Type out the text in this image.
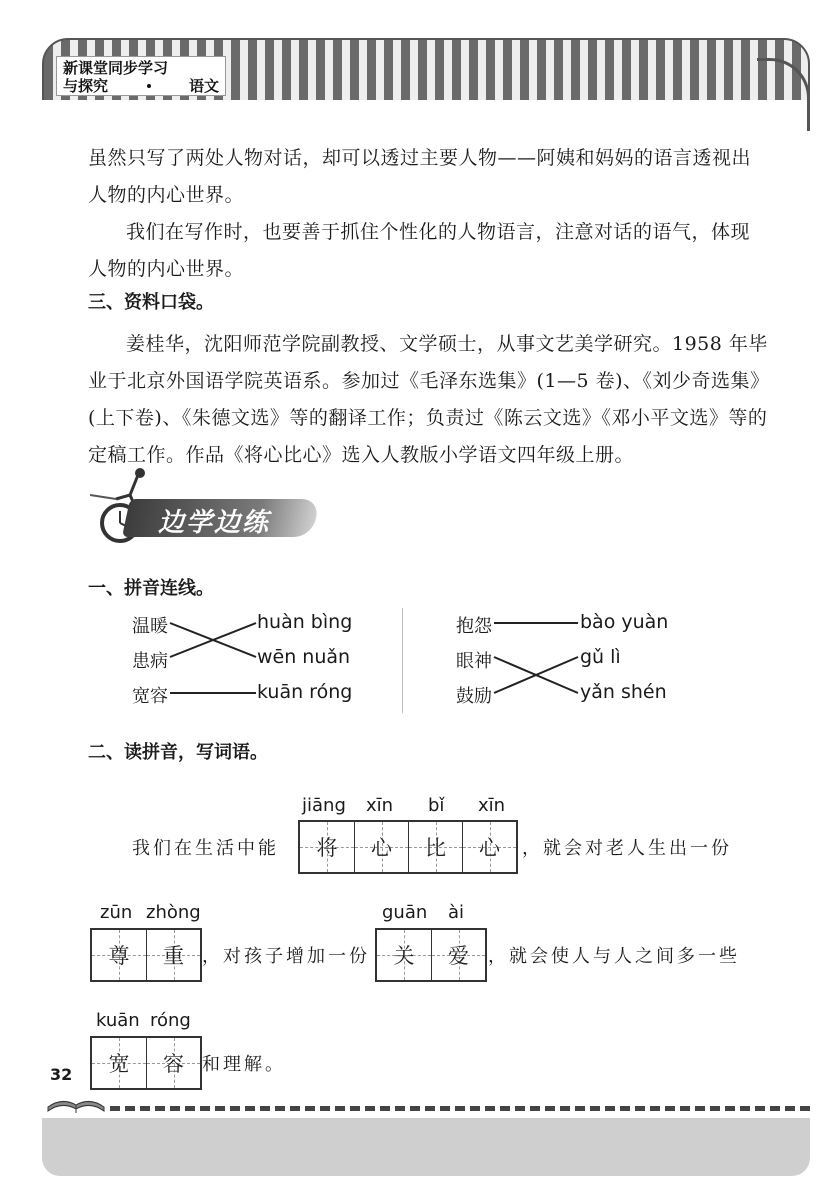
新课堂同步学习
与探究	语文
虽然只写了两处人物对话，却可以透过主要人物——阿姨和妈妈的语言透视出人物的内心世界。
我们在写作时，也要善于抓住个性化的人物语言，注意对话的语气，体现人物的内心世界。
三、资料口袋。
姜桂华，沈阳师范学院副教授、文学硕士，从事文艺美学研究。1958 年毕业于北京外国语学院英语系。参加过《毛泽东选集》(1—5 卷)、《刘少奇选集》(上下卷)、《朱德文选》等的翻译工作；负责过《陈云文选》《邓小平文选》等的定稿工作。作品《将心比心》选入人教版小学语文四年级上册。
边学边练
一、拼音连线。
温暖
患病
宽容
huàn bìng
wēn nuǎn
kuān róng
抱怨
眼神
鼓励
bào yuàn
gǔ lì
yǎn shén
二、读拼音，写词语。
jiāng xīn bǐ xīn
我们在生活中能 将 心 比 心 ，就会对老人生出一份
zūn zhòng
尊 重 ，对孩子增加一份
guān ài
关 爱 ，就会使人与人之间多一些
kuān róng
宽 容 和理解。
32
